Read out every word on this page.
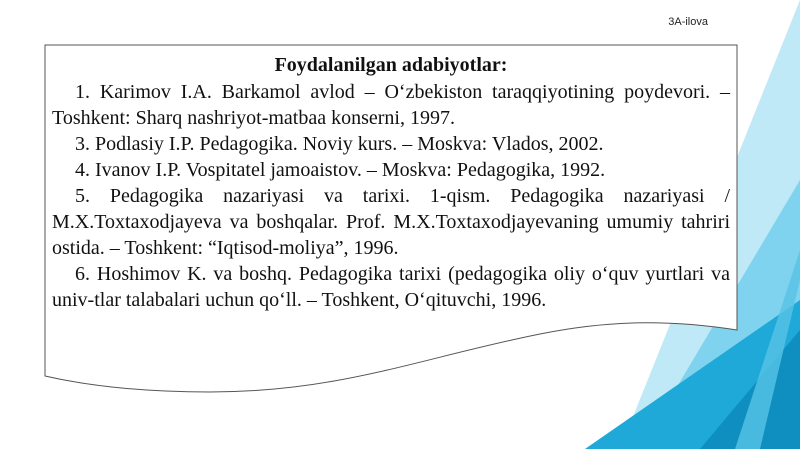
3A-ilova
Foydalanilgan adabiyotlar:

1. Karimov I.A. Barkamol avlod – O‘zbekiston taraqqiyotining poydevori. – Toshkent: Sharq nashriyot-matbaa konserni, 1997.

3. Podlasiy I.P. Pedagogika. Noviy kurs. – Moskva: Vlados, 2002.

4. Ivanov I.P. Vospitatel jamoaistov. – Moskva: Pedagogika, 1992.

5. Pedagogika nazariyasi va tarixi. 1-qism. Pedagogika nazariyasi / M.X.Toxtaxodjayeva va boshqalar. Prof. M.X.Toxtaxodjayevaning umumiy tahriri ostida. – Toshkent: “Iqtisod-moliya”, 1996.

6. Hoshimov K. va boshq. Pedagogika tarixi (pedagogika oliy o‘quv yurtlari va univ-tlar talabalari uchun qo‘ll. – Toshkent, O‘qituvchi, 1996.
